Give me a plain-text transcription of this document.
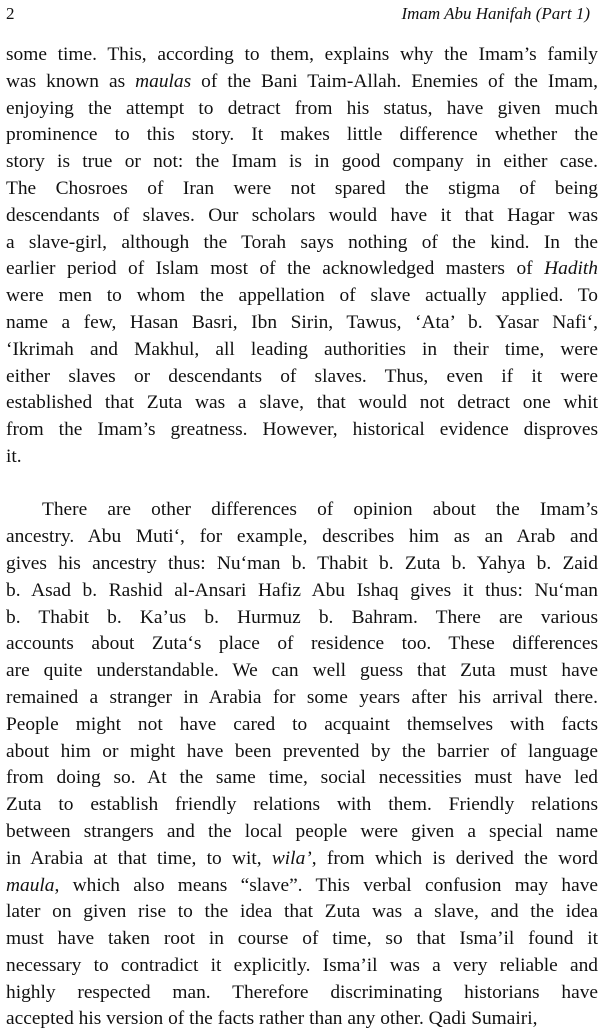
2	Imam Abu Hanifah (Part 1)

some time. This, according to them, explains why the Imam’s family
was known as maulas of the Bani Taim-Allah. Enemies of the Imam,
enjoying the attempt to detract from his status, have given much
prominence to this story. It makes little difference whether the
story is true or not: the Imam is in good company in either case.
The Chosroes of Iran were not spared the stigma of being
descendants of slaves. Our scholars would have it that Hagar was
a slave-girl, although the Torah says nothing of the kind. In the
earlier period of Islam most of the acknowledged masters of Hadith
were men to whom the appellation of slave actually applied. To
name a few, Hasan Basri, Ibn Sirin, Tawus, ‘Ata’ b. Yasar Nafi‘,
‘Ikrimah and Makhul, all leading authorities in their time, were
either slaves or descendants of slaves. Thus, even if it were
established that Zuta was a slave, that would not detract one whit
from the Imam’s greatness. However, historical evidence disproves
it.

There are other differences of opinion about the Imam’s
ancestry. Abu Muti‘, for example, describes him as an Arab and
gives his ancestry thus: Nu‘man b. Thabit b. Zuta b. Yahya b. Zaid
b. Asad b. Rashid al-Ansari Hafiz Abu Ishaq gives it thus: Nu‘man
b. Thabit b. Ka’us b. Hurmuz b. Bahram. There are various
accounts about Zuta‘s place of residence too. These differences
are quite understandable. We can well guess that Zuta must have
remained a stranger in Arabia for some years after his arrival there.
People might not have cared to acquaint themselves with facts
about him or might have been prevented by the barrier of language
from doing so. At the same time, social necessities must have led
Zuta to establish friendly relations with them. Friendly relations
between strangers and the local people were given a special name
in Arabia at that time, to wit, wila’, from which is derived the word
maula, which also means “slave”. This verbal confusion may have
later on given rise to the idea that Zuta was a slave, and the idea
must have taken root in course of time, so that Isma’il found it
necessary to contradict it explicitly. Isma’il was a very reliable and
highly respected man. Therefore discriminating historians have
accepted his version of the facts rather than any other. Qadi Sumairi,
